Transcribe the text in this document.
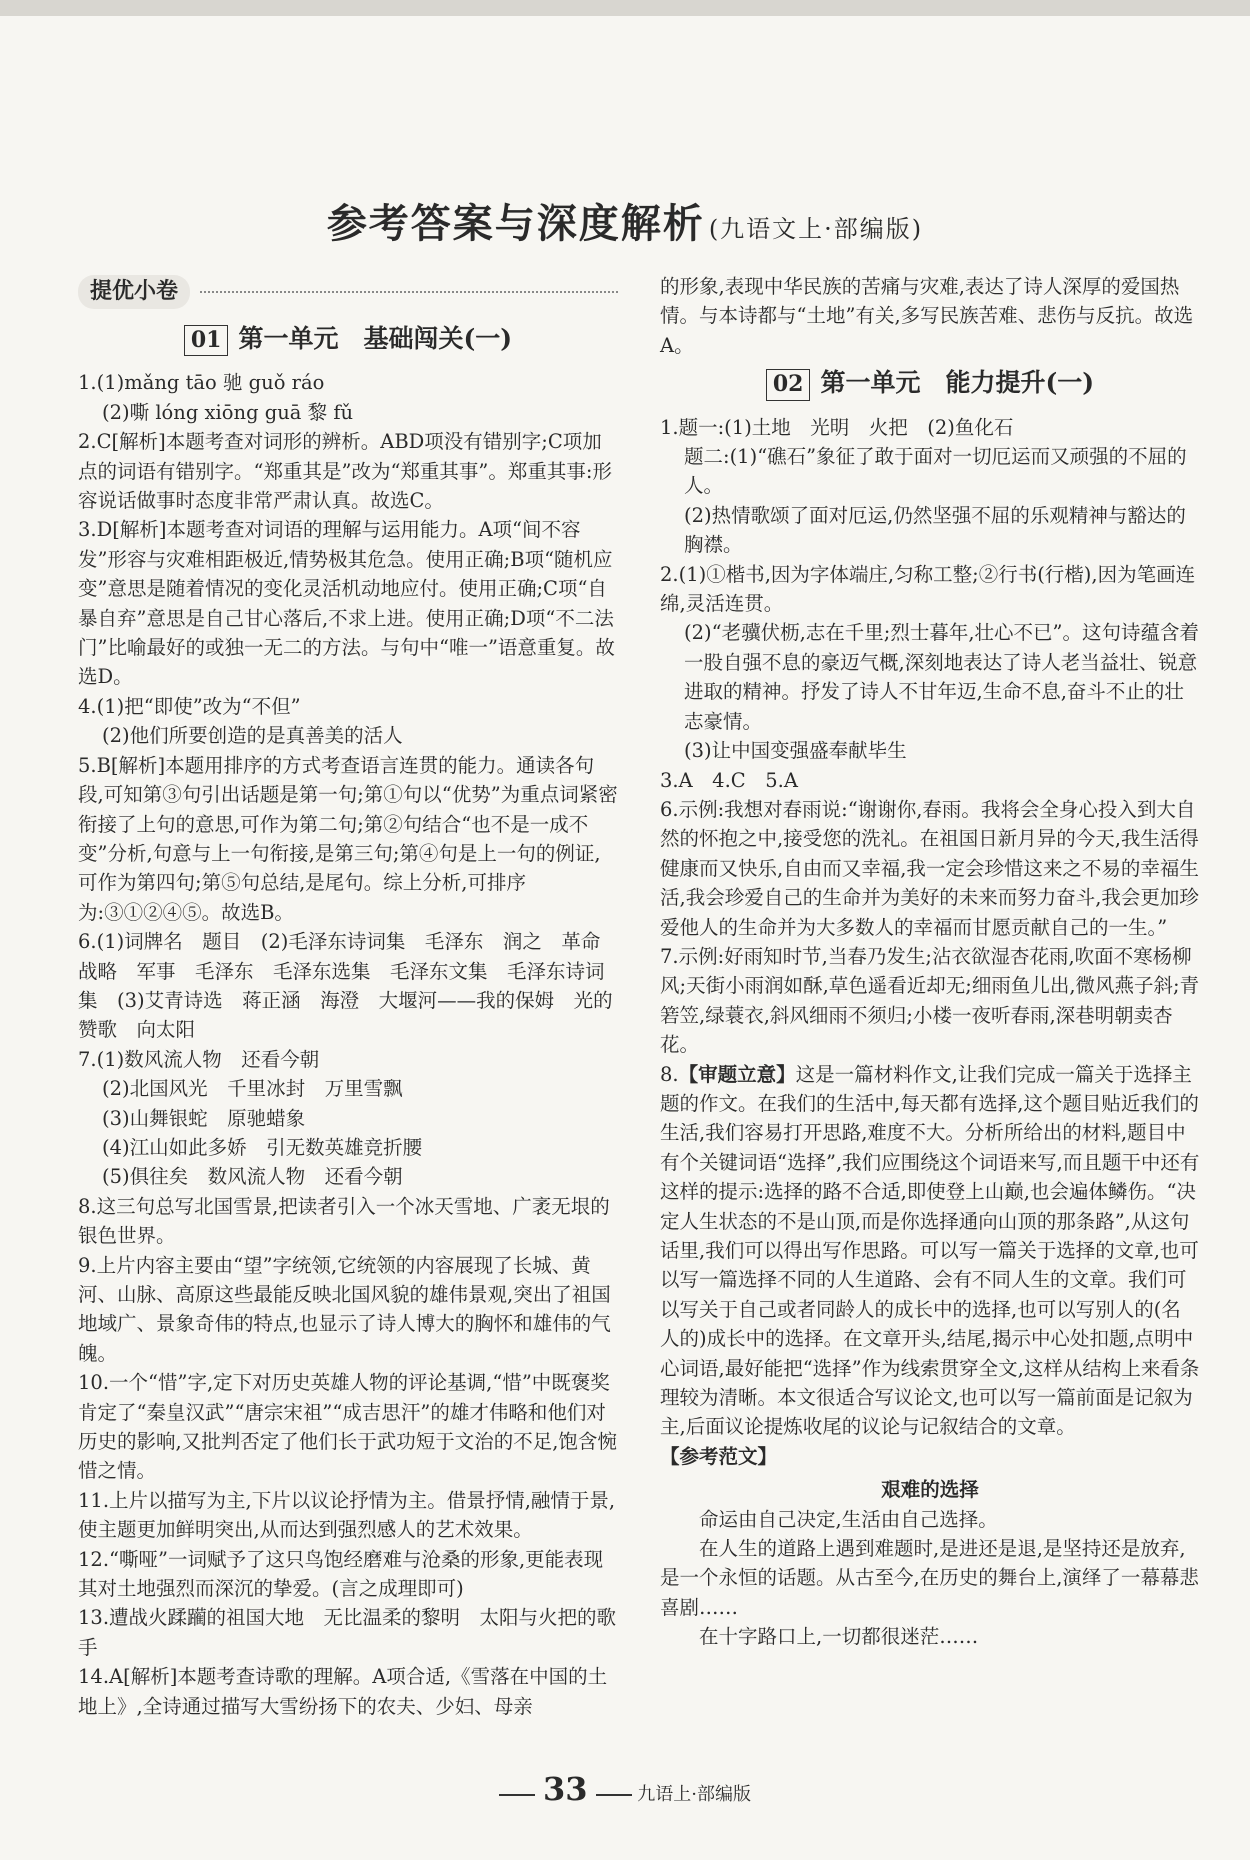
参考答案与深度解析 (九语文上·部编版)
提优小卷
01 第一单元　基础闯关(一)

1.(1)mǎng tāo 驰 guǒ ráo

(2)嘶 lóng xiōng guā 黎 fǔ

2.C[解析]本题考查对词形的辨析。ABD项没有错别字;C项加点的词语有错别字。“郑重其是”改为“郑重其事”。郑重其事:形容说话做事时态度非常严肃认真。故选C。

3.D[解析]本题考查对词语的理解与运用能力。A项“间不容发”形容与灾难相距极近,情势极其危急。使用正确;B项“随机应变”意思是随着情况的变化灵活机动地应付。使用正确;C项“自暴自弃”意思是自己甘心落后,不求上进。使用正确;D项“不二法门”比喻最好的或独一无二的方法。与句中“唯一”语意重复。故选D。

4.(1)把“即使”改为“不但”

(2)他们所要创造的是真善美的活人

5.B[解析]本题用排序的方式考查语言连贯的能力。通读各句段,可知第③句引出话题是第一句;第①句以“优势”为重点词紧密衔接了上句的意思,可作为第二句;第②句结合“也不是一成不变”分析,句意与上一句衔接,是第三句;第④句是上一句的例证,可作为第四句;第⑤句总结,是尾句。综上分析,可排序为:③①②④⑤。故选B。

6.(1)词牌名　题目　(2)毛泽东诗词集　毛泽东　润之　革命　战略　军事　毛泽东　毛泽东选集　毛泽东文集　毛泽东诗词集　(3)艾青诗选　蒋正涵　海澄　大堰河——我的保姆　光的赞歌　向太阳

7.(1)数风流人物　还看今朝

(2)北国风光　千里冰封　万里雪飘

(3)山舞银蛇　原驰蜡象

(4)江山如此多娇　引无数英雄竞折腰

(5)俱往矣　数风流人物　还看今朝

8.这三句总写北国雪景,把读者引入一个冰天雪地、广袤无垠的银色世界。

9.上片内容主要由“望”字统领,它统领的内容展现了长城、黄河、山脉、高原这些最能反映北国风貌的雄伟景观,突出了祖国地域广、景象奇伟的特点,也显示了诗人博大的胸怀和雄伟的气魄。

10.一个“惜”字,定下对历史英雄人物的评论基调,“惜”中既褒奖肯定了“秦皇汉武”“唐宗宋祖”“成吉思汗”的雄才伟略和他们对历史的影响,又批判否定了他们长于武功短于文治的不足,饱含惋惜之情。

11.上片以描写为主,下片以议论抒情为主。借景抒情,融情于景,使主题更加鲜明突出,从而达到强烈感人的艺术效果。

12.“嘶哑”一词赋予了这只鸟饱经磨难与沧桑的形象,更能表现其对土地强烈而深沉的挚爱。(言之成理即可)

13.遭战火蹂躏的祖国大地　无比温柔的黎明　太阳与火把的歌手

14.A[解析]本题考查诗歌的理解。A项合适,《雪落在中国的土地上》,全诗通过描写大雪纷扬下的农夫、少妇、母亲

的形象,表现中华民族的苦痛与灾难,表达了诗人深厚的爱国热情。与本诗都与“土地”有关,多写民族苦难、悲伤与反抗。故选A。

02 第一单元　能力提升(一)

1.题一:(1)土地　光明　火把　(2)鱼化石

题二:(1)“礁石”象征了敢于面对一切厄运而又顽强的不屈的人。

(2)热情歌颂了面对厄运,仍然坚强不屈的乐观精神与豁达的胸襟。

2.(1)①楷书,因为字体端庄,匀称工整;②行书(行楷),因为笔画连绵,灵活连贯。

(2)“老骥伏枥,志在千里;烈士暮年,壮心不已”。这句诗蕴含着一股自强不息的豪迈气概,深刻地表达了诗人老当益壮、锐意进取的精神。抒发了诗人不甘年迈,生命不息,奋斗不止的壮志豪情。

(3)让中国变强盛奉献毕生

3.A　4.C　5.A

6.示例:我想对春雨说:“谢谢你,春雨。我将会全身心投入到大自然的怀抱之中,接受您的洗礼。在祖国日新月异的今天,我生活得健康而又快乐,自由而又幸福,我一定会珍惜这来之不易的幸福生活,我会珍爱自己的生命并为美好的未来而努力奋斗,我会更加珍爱他人的生命并为大多数人的幸福而甘愿贡献自己的一生。”

7.示例:好雨知时节,当春乃发生;沾衣欲湿杏花雨,吹面不寒杨柳风;天街小雨润如酥,草色遥看近却无;细雨鱼儿出,微风燕子斜;青箬笠,绿蓑衣,斜风细雨不须归;小楼一夜听春雨,深巷明朝卖杏花。

8.【审题立意】这是一篇材料作文,让我们完成一篇关于选择主题的作文。在我们的生活中,每天都有选择,这个题目贴近我们的生活,我们容易打开思路,难度不大。分析所给出的材料,题目中有个关键词语“选择”,我们应围绕这个词语来写,而且题干中还有这样的提示:选择的路不合适,即使登上山巅,也会遍体鳞伤。“决定人生状态的不是山顶,而是你选择通向山顶的那条路”,从这句话里,我们可以得出写作思路。可以写一篇关于选择的文章,也可以写一篇选择不同的人生道路、会有不同人生的文章。我们可以写关于自己或者同龄人的成长中的选择,也可以写别人的(名人的)成长中的选择。在文章开头,结尾,揭示中心处扣题,点明中心词语,最好能把“选择”作为线索贯穿全文,这样从结构上来看条理较为清晰。本文很适合写议论文,也可以写一篇前面是记叙为主,后面议论提炼收尾的议论与记叙结合的文章。

【参考范文】

艰难的选择

命运由自己决定,生活由自己选择。

在人生的道路上遇到难题时,是进还是退,是坚持还是放弃,是一个永恒的话题。从古至今,在历史的舞台上,演绎了一幕幕悲喜剧……

在十字路口上,一切都很迷茫……

33	九语上·部编版
